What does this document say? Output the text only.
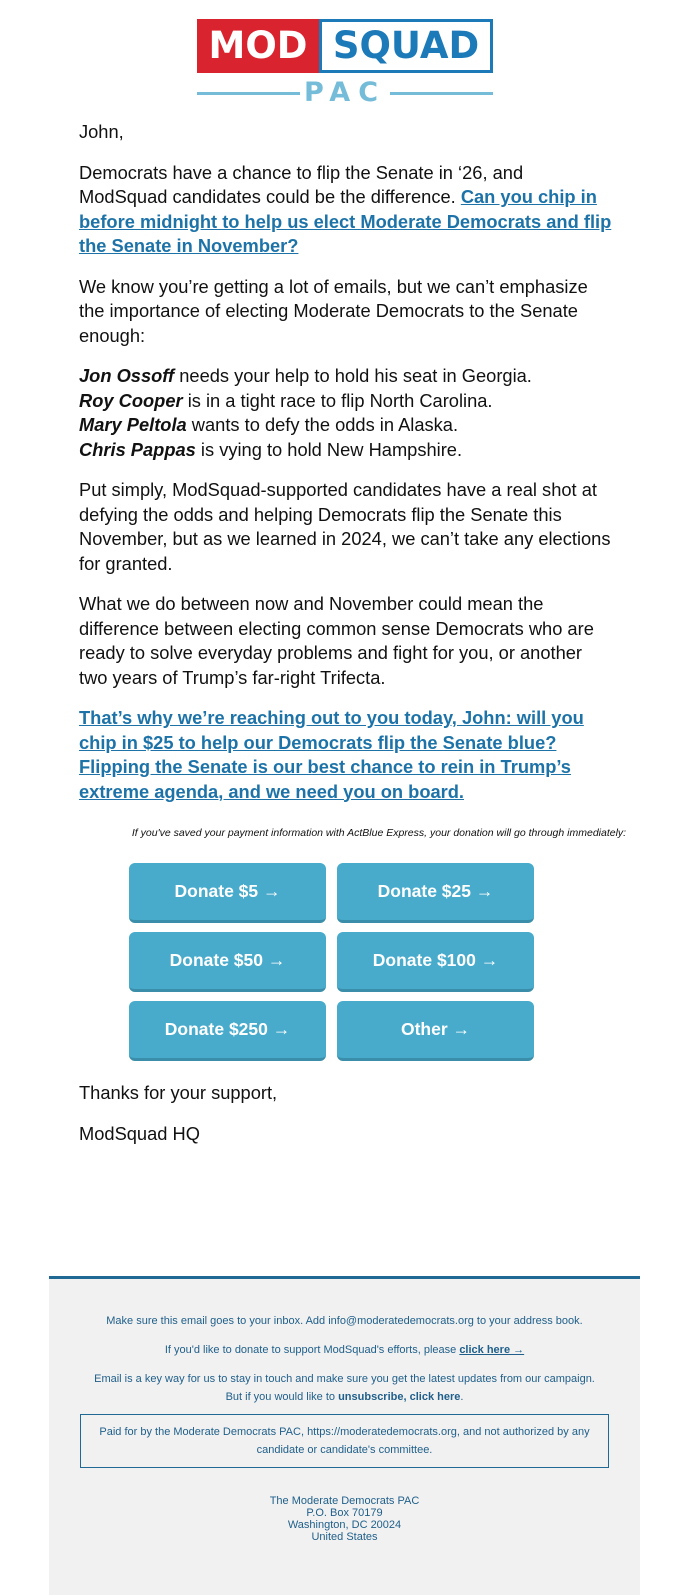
MOD SQUAD
PAC

John,

Democrats have a chance to flip the Senate in ‘26, and ModSquad candidates could be the difference. Can you chip in before midnight to help us elect Moderate Democrats and flip the Senate in November?

We know you’re getting a lot of emails, but we can’t emphasize the importance of electing Moderate Democrats to the Senate enough:

Jon Ossoff needs your help to hold his seat in Georgia.
Roy Cooper is in a tight race to flip North Carolina.
Mary Peltola wants to defy the odds in Alaska.
Chris Pappas is vying to hold New Hampshire.

Put simply, ModSquad-supported candidates have a real shot at defying the odds and helping Democrats flip the Senate this November, but as we learned in 2024, we can’t take any elections for granted.

What we do between now and November could mean the difference between electing common sense Democrats who are ready to solve everyday problems and fight for you, or another two years of Trump’s far-right Trifecta.

That’s why we’re reaching out to you today, John: will you chip in $25 to help our Democrats flip the Senate blue? Flipping the Senate is our best chance to rein in Trump’s extreme agenda, and we need you on board.

If you've saved your payment information with ActBlue Express, your donation will go through immediately:

Donate $5 →	Donate $25 →
Donate $50 →	Donate $100 →
Donate $250 →	Other →

Thanks for your support,

ModSquad HQ

Make sure this email goes to your inbox. Add info@moderatedemocrats.org to your address book.

If you'd like to donate to support ModSquad's efforts, please click here →

Email is a key way for us to stay in touch and make sure you get the latest updates from our campaign. But if you would like to unsubscribe, click here.

Paid for by the Moderate Democrats PAC, https://moderatedemocrats.org, and not authorized by any candidate or candidate's committee.
The Moderate Democrats PAC
P.O. Box 70179
Washington, DC 20024
United States
